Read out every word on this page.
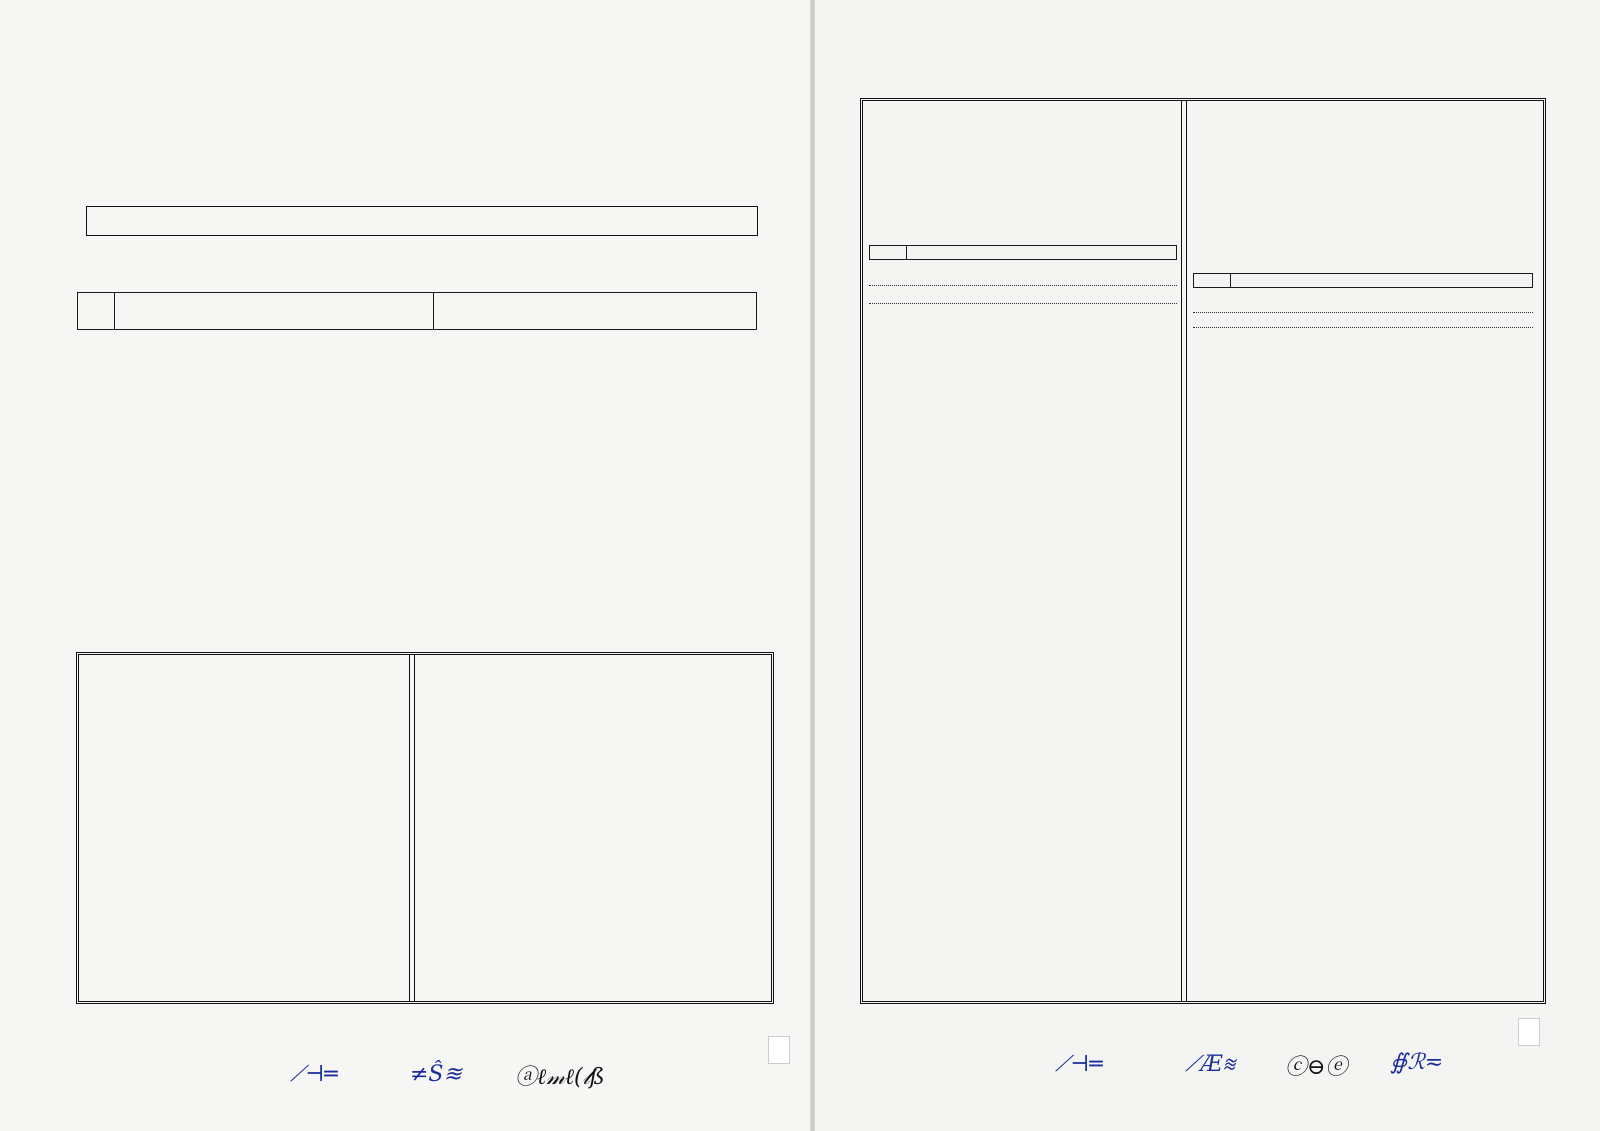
⟋⊣═	≠Ŝ≋ ⓐℓ𝓂ℓ(𝓁ß

⟋⊣═	⟋Æ≋ ⓒ⊖ⓔ ∯ℛ≂
